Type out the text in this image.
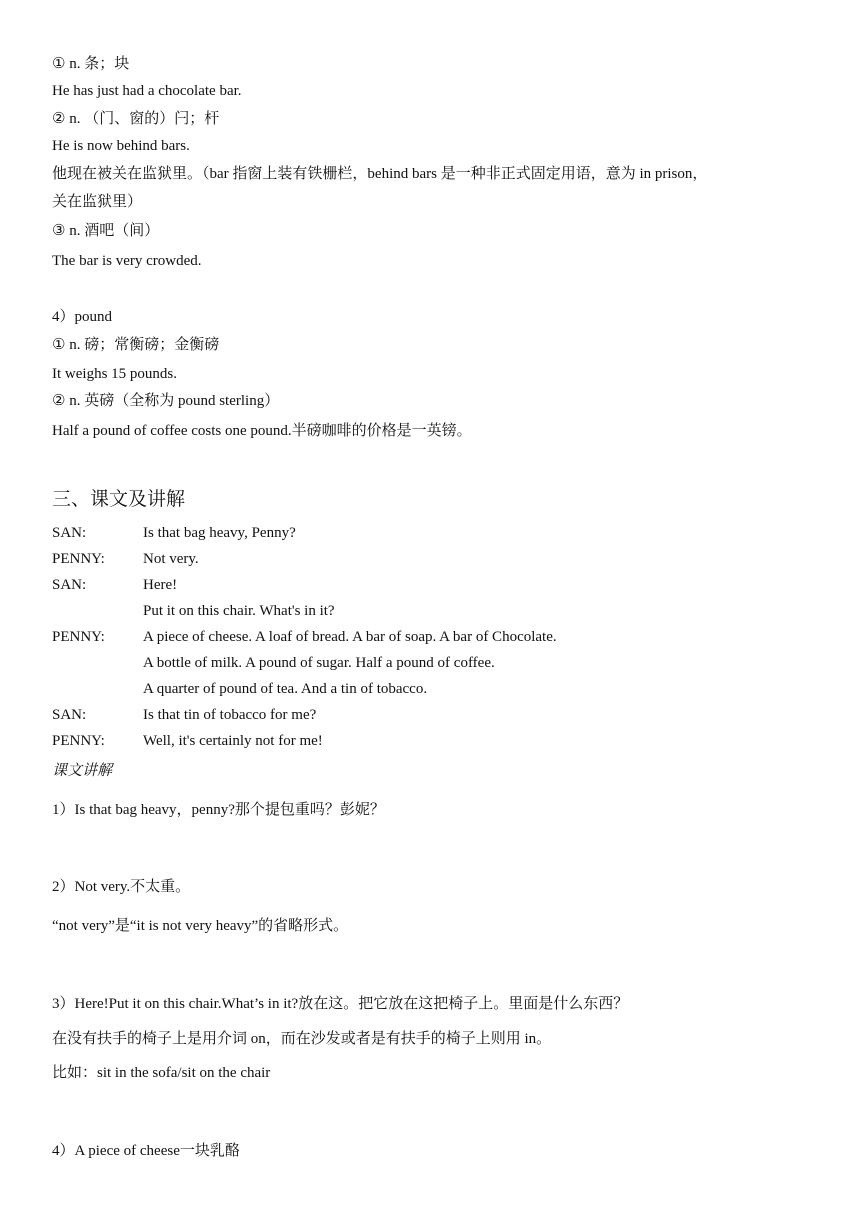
① n. 条；块
He has just had a chocolate bar.
② n. （门、窗的）闩；杆
He is now behind bars.
他现在被关在监狱里。（bar 指窗上装有铁栅栏，behind bars 是一种非正式固定用语，意为 in prison，
关在监狱里）
③ n. 酒吧（间）
The bar is very crowded.
4）pound
① n. 磅；常衡磅；金衡磅
It weighs 15 pounds.
② n. 英磅（全称为 pound sterling）
Half a pound of coffee costs one pound.半磅咖啡的价格是一英镑。
三、课文及讲解
SAN:	Is that bag heavy, Penny?
PENNY:	Not very.
SAN:	Here!
Put it on this chair. What's in it?
PENNY:	A piece of cheese. A loaf of bread. A bar of soap. A bar of Chocolate.
A bottle of milk. A pound of sugar. Half a pound of coffee.
A quarter of pound of tea. And a tin of tobacco.
SAN:	Is that tin of tobacco for me?
PENNY:	Well, it's certainly not for me!
课文讲解
1）Is that bag heavy，penny?那个提包重吗？彭妮？
2）Not very.不太重。
“not very”是“it is not very heavy”的省略形式。
3）Here!Put it on this chair.What’s in it?放在这。把它放在这把椅子上。里面是什么东西？
在没有扶手的椅子上是用介词 on，而在沙发或者是有扶手的椅子上则用 in。
比如：sit in the sofa/sit on the chair
4）A piece of cheese一块乳酪
